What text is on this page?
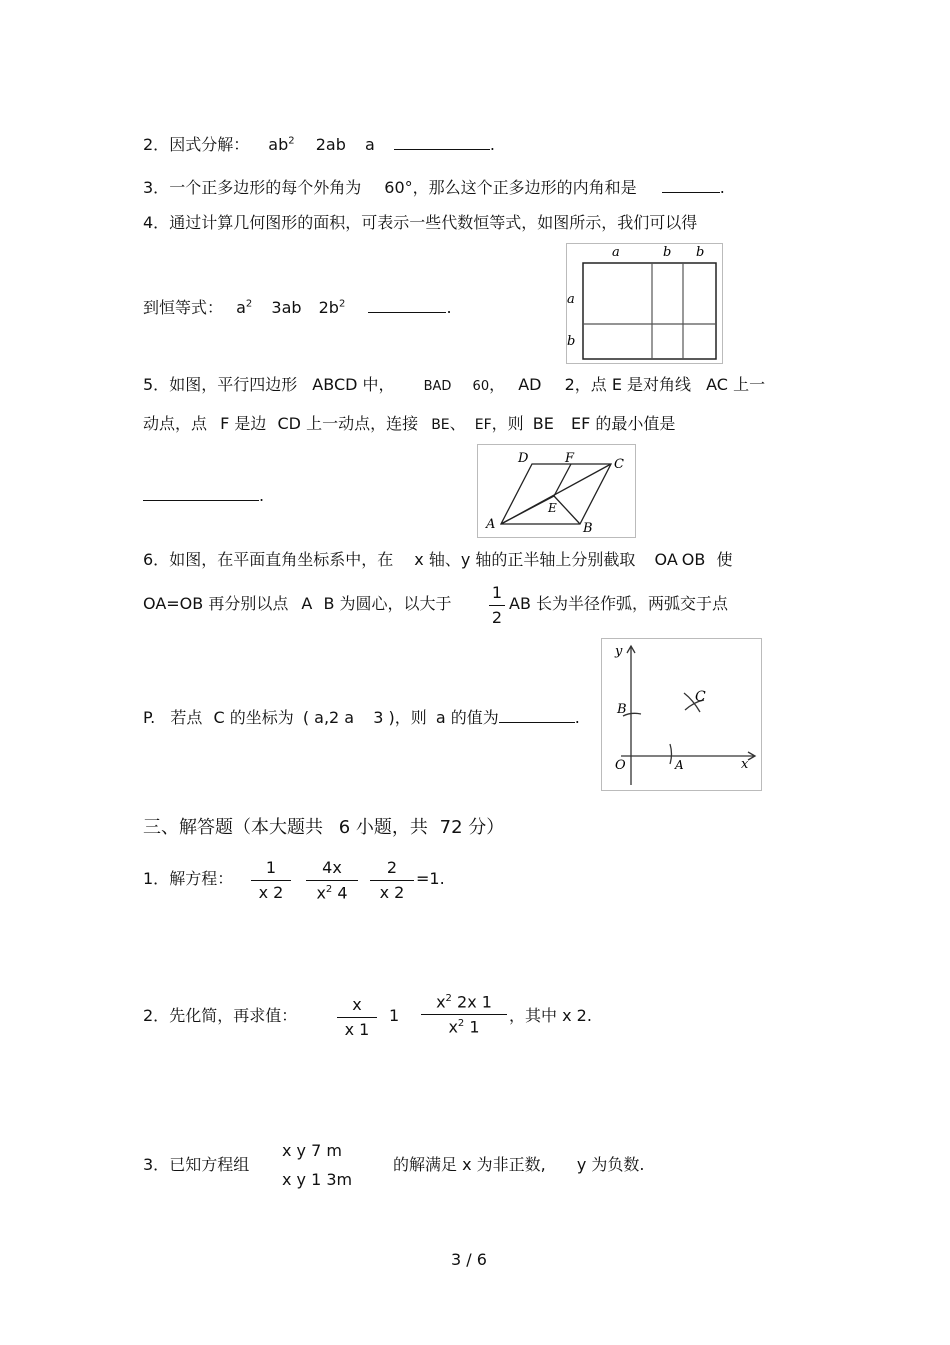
2．因式分解： $ab^2$ 2ab a	.
3．一个正多边形的每个外角为 60°，那么这个正多边形的内角和是	.
4．通过计算几何图形的面积，可表示一些代数恒等式，如图所示，我们可以得
到恒等式： $a^2$ 3ab $2b^2$	.
a	b b
a
b
5．如图，平行四边形 ABCD 中， BAD 60， AD 2，点 E 是对角线 AC 上一
动点，点 F 是边 CD 上一动点，连接 BE、 EF，则 BE EF 的最小值是
.
D	F	C
A
E
B
6．如图，在平面直角坐标系中，在 x 轴、y 轴的正半轴上分别截取 OA OB 使
OA=OB 再分别以点 A B 为圆心，以大于
1
2
AB 长为半径作弧，两弧交于点
P. 若点 C 的坐标为 ( a,2 a 3 )，则 a 的值为	.
y
x
O	A
B
C
三、解答题（本大题共 6 小题，共 72 分）
1．解方程：
1
x 2
4x
$x^2$ 4
2
x 2
=1.
2．先化简，再求值：
x
x 1
1
$x^2$ 2x 1
$x^2$ 1
，其中 x 2.
3．已知方程组
x y 7 m
x y 1 3m
的解满足 x 为非正数, y 为负数.
3 / 6
